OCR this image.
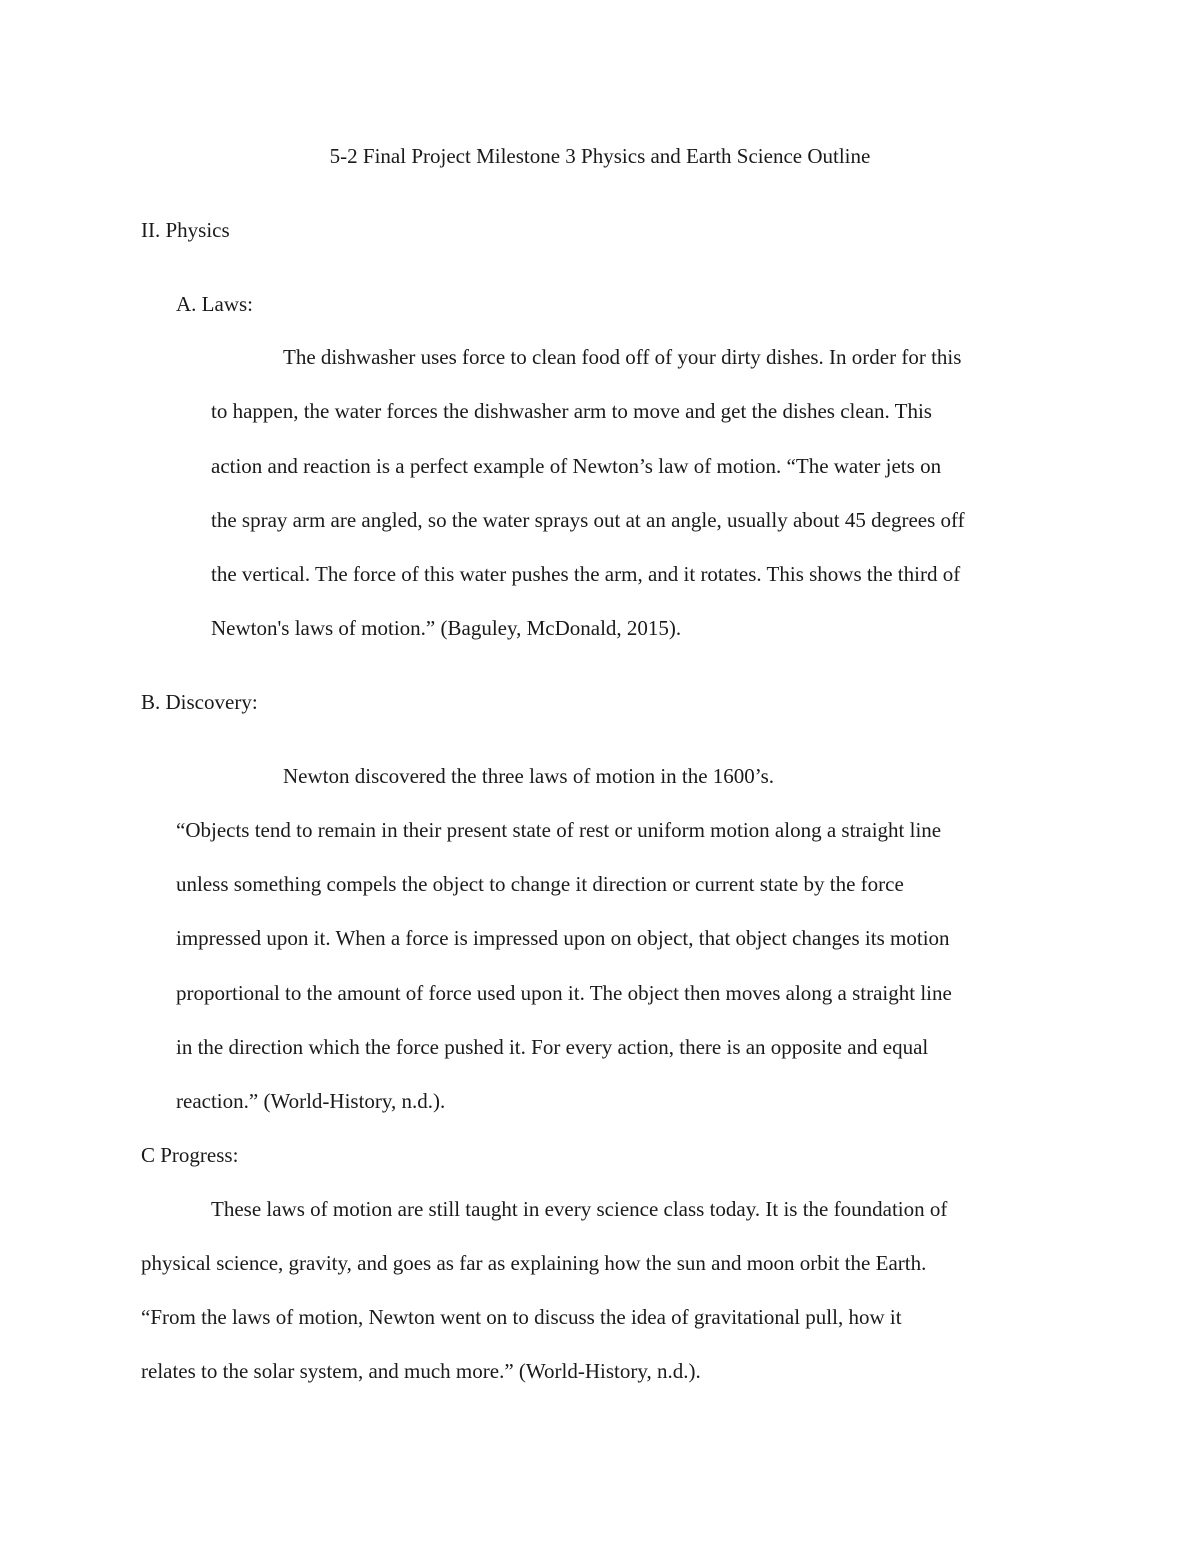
5-2 Final Project Milestone 3 Physics and Earth Science Outline

II. Physics

A. Laws:

The dishwasher uses force to clean food off of your dirty dishes. In order for this

to happen, the water forces the dishwasher arm to move and get the dishes clean. This

action and reaction is a perfect example of Newton’s law of motion. “The water jets on

the spray arm are angled, so the water sprays out at an angle, usually about 45 degrees off

the vertical. The force of this water pushes the arm, and it rotates. This shows the third of

Newton's laws of motion.” (Baguley, McDonald, 2015).

B. Discovery:

Newton discovered the three laws of motion in the 1600’s.

“Objects tend to remain in their present state of rest or uniform motion along a straight line

unless something compels the object to change it direction or current state by the force

impressed upon it. When a force is impressed upon on object, that object changes its motion

proportional to the amount of force used upon it. The object then moves along a straight line

in the direction which the force pushed it. For every action, there is an opposite and equal

reaction.” (World-History, n.d.).

C Progress:

These laws of motion are still taught in every science class today. It is the foundation of

physical science, gravity, and goes as far as explaining how the sun and moon orbit the Earth.

“From the laws of motion, Newton went on to discuss the idea of gravitational pull, how it

relates to the solar system, and much more.” (World-History, n.d.).
